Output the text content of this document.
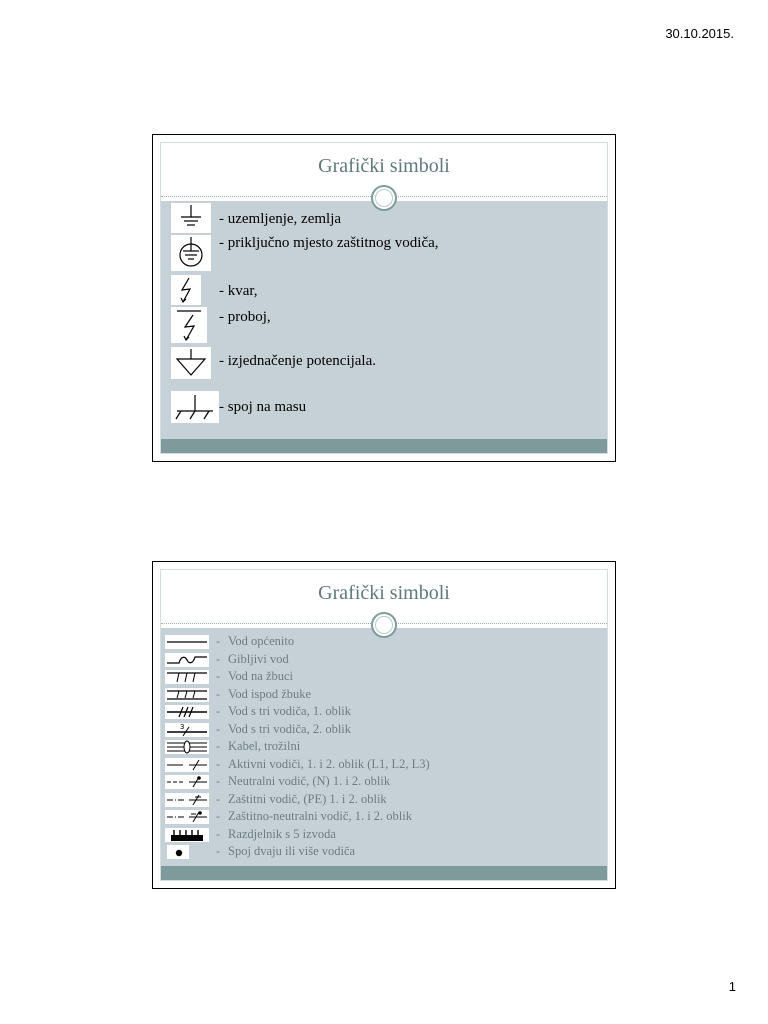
30.10.2015.
Grafički simboli
- uzemljenje, zemlja
- priključno mjesto zaštitnog vodiča,
- kvar,
- proboj,
- izjednačenje potencijala.
- spoj na masu
Grafički simboli
- Vod općenito
- Gibljivi vod
- Vod na žbuci
- Vod ispod žbuke
- Vod s tri vodiča, 1. oblik
3	- Vod s tri vodiča, 2. oblik
- Kabel, trožilni
- Aktivni vodiči, 1. i 2. oblik (L1, L2, L3)
- Neutralni vodič, (N) 1. i 2. oblik
- Zaštitni vodič, (PE) 1. i 2. oblik
- Zaštitno-neutralni vodič, 1. i 2. oblik
- Razdjelnik s 5 izvoda
- Spoj dvaju ili više vodiča
1
